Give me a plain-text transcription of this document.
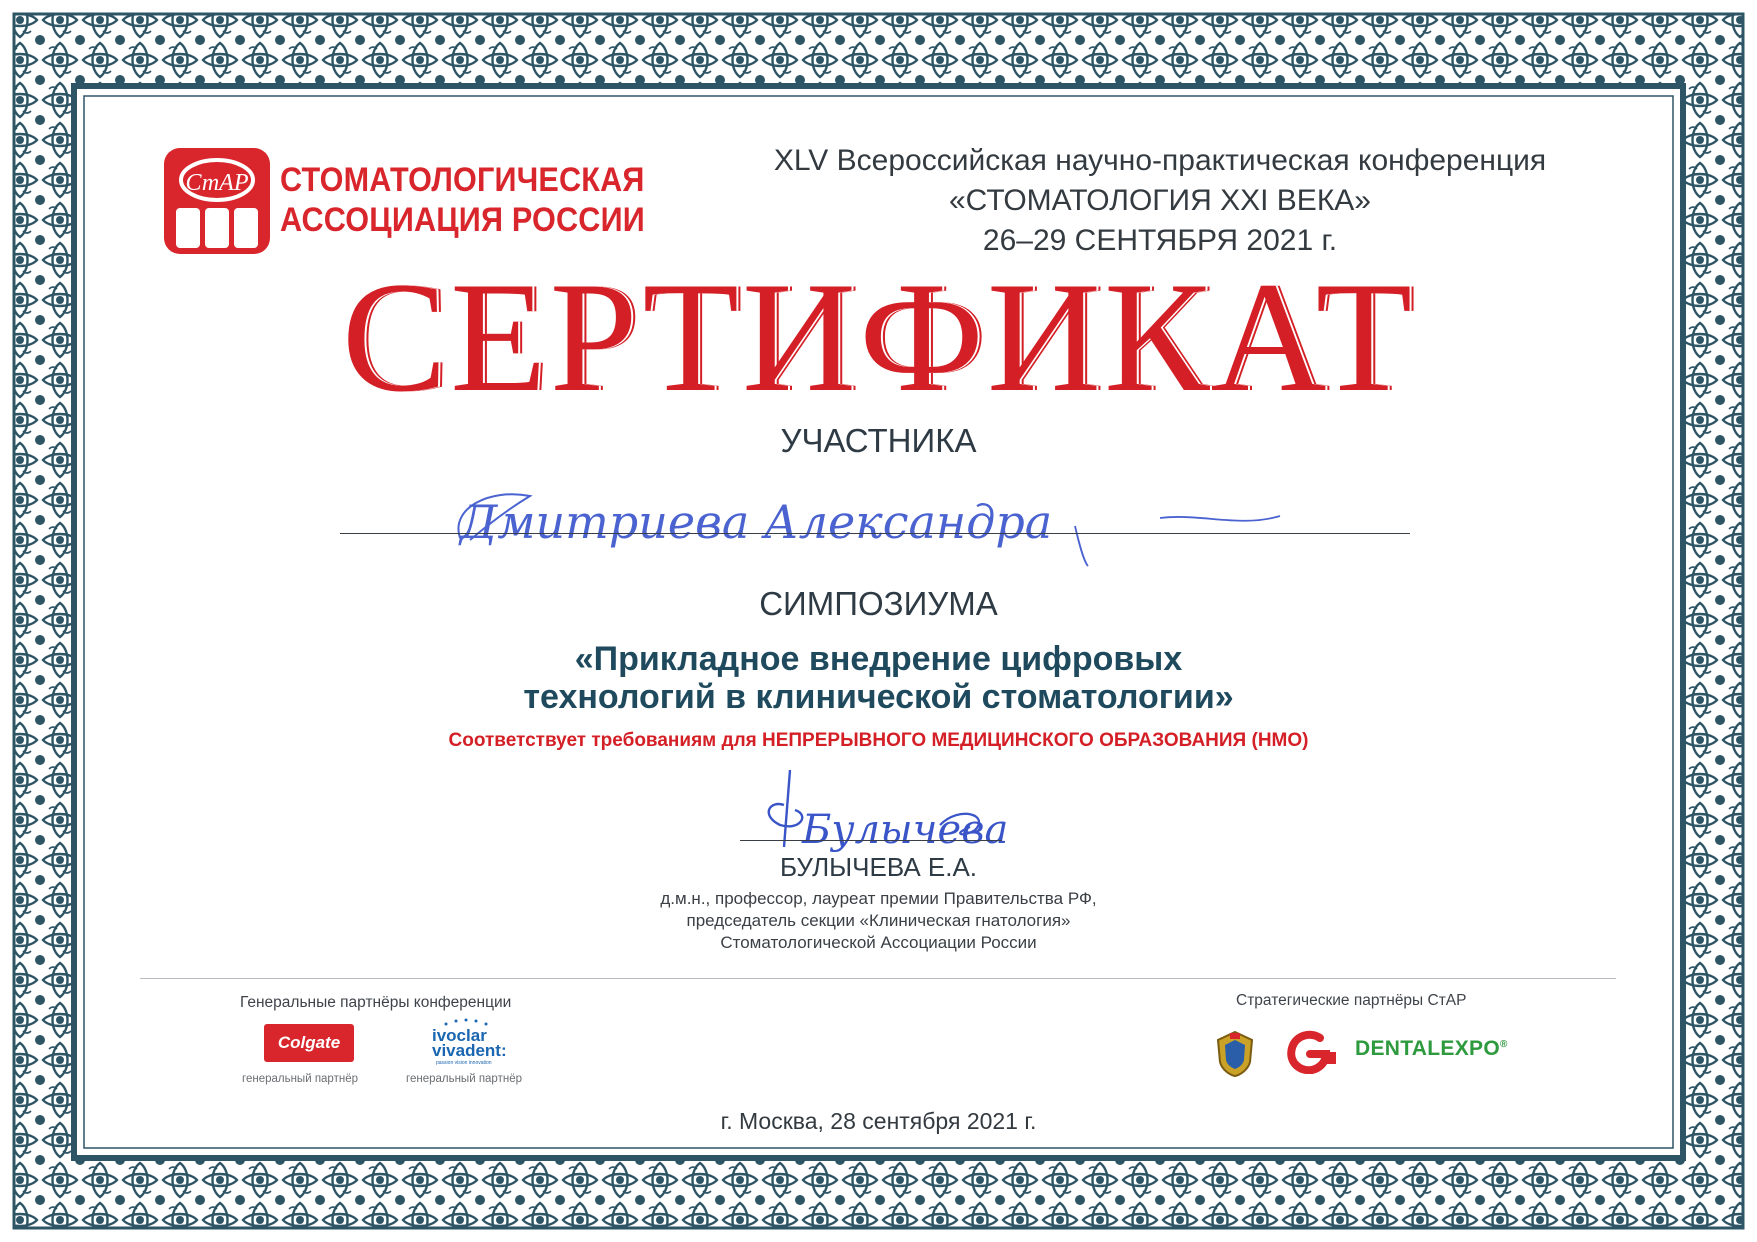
СтАР СТОМАТОЛОГИЧЕСКАЯ
АССОЦИАЦИЯ РОССИИ
XLV Всероссийская научно-практическая конференция
«СТОМАТОЛОГИЯ XXI ВЕКА»
26–29 СЕНТЯБРЯ 2021 г.
СЕРТИФИКАТ
УЧАСТНИКА
Дмитриева Александра
СИМПОЗИУМА
«Прикладное внедрение цифровых
технологий в клинической стоматологии»
Соответствует требованиям для НЕПРЕРЫВНОГО МЕДИЦИНСКОГО ОБРАЗОВАНИЯ (НМО)
Булычева
БУЛЫЧЕВА Е.А.
д.м.н., профессор, лауреат премии Правительства РФ,
председатель секции «Клиническая гнатология»
Стоматологической Ассоциации России
Генеральные партнёры конференции
Colgate
генеральный партнёр
ivoclar
vivadent:
passion vision innovation
генеральный партнёр
Стратегические партнёры СтАР
DENTALEXPO®
г. Москва, 28 сентября 2021 г.
